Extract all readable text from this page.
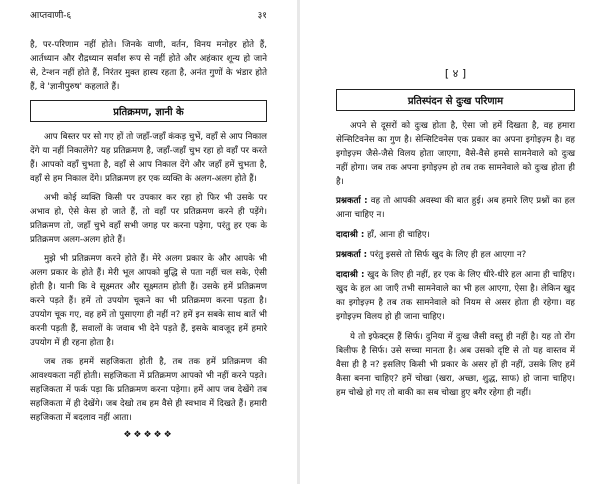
आप्तवाणी-६	३१

है, पर-परिणाम नहीं होते। जिनके वाणी, वर्तन, विनय मनोहर होते हैं, आर्तध्यान और रौद्रध्यान सर्वांश रूप से नहीं होते और अहंकार शून्य हो जाने से, टेन्शन नहीं होते हैं, निरंतर मुक्त हास्य रहता है, अनंत गुणों के भंडार होते हैं, वे 'ज्ञानीपुरुष' कहलाते हैं।

प्रतिक्रमण, ज्ञानी के

आप बिस्तर पर सो गए हों तो जहाँ-जहाँ कंकड़ चुभें, वहाँ से आप निकाल देंगे या नहीं निकालेंगे? यह प्रतिक्रमण है, जहाँ-जहाँ चुभ रहा हो वहाँ पर करते हैं। आपको वहाँ चुभता है, वहाँ से आप निकाल देंगे और जहाँ हमें चुभता है, वहाँ से हम निकाल देंगे। प्रतिक्रमण हर एक व्यक्ति के अलग-अलग होते हैं।

अभी कोई व्यक्ति किसी पर उपकार कर रहा हो फिर भी उसके पर अभाव हो, ऐसे केस हो जाते हैं, तो वहाँ पर प्रतिक्रमण करने ही पड़ेंगे। प्रतिक्रमण तो, जहाँ चुभे वहाँ सभी जगह पर करना पड़ेगा, परंतु हर एक के प्रतिक्रमण अलग-अलग होते हैं।

मुझे भी प्रतिक्रमण करने होते हैं। मेरे अलग प्रकार के और आपके भी अलग प्रकार के होते हैं। मेरी भूल आपको बुद्धि से पता नहीं चल सके, ऐसी होती है। यानी कि वे सूक्ष्मतर और सूक्ष्मतम होती हैं। उसके हमें प्रतिक्रमण करने पड़ते हैं। हमें तो उपयोग चूकने का भी प्रतिक्रमण करना पड़ता है। उपयोग चूक गए, वह हमें तो पुसाएगा ही नहीं न? हमें इन सबके साथ बातें भी करनी पड़ती हैं, सवालों के जवाब भी देने पड़ते हैं, इसके बावजूद हमें हमारे उपयोग में ही रहना होता है।

जब तक हममें सहजिकता होती है, तब तक हमें प्रतिक्रमण की आवश्यकता नहीं होती। सहजिकता में प्रतिक्रमण आपको भी नहीं करने पड़ते। सहजिकता में फर्क पड़ा कि प्रतिक्रमण करना पड़ेगा। हमें आप जब देखेंगे तब सहजिकता में ही देखेंगे। जब देखो तब हम वैसे ही स्वभाव में दिखते हैं। हमारी सहजिकता में बदलाव नहीं आता।

❖❖❖❖❖
[ ४ ]
प्रतिस्पंदन से दुःख परिणाम

अपने से दूसरों को दुःख होता है, ऐसा जो हमें दिखता है, वह हमारा सेन्सिटिवनेस का गुण है। सेन्सिटिवनेस एक प्रकार का अपना इगोइज़्म है। वह इगोइज़्म जैसे-जैसे विलय होता जाएगा, वैसे-वैसे हमसे सामनेवाले को दुःख नहीं होगा। जब तक अपना इगोइज़्म हो तब तक सामनेवाले को दुःख होता ही है।

प्रश्नकर्ता : वह तो आपकी अवस्था की बात हुई। अब हमारे लिए प्रश्नों का हल आना चाहिए न।
दादाश्री : हाँ, आना ही चाहिए।
प्रश्नकर्ता : परंतु इससे तो सिर्फ खुद के लिए ही हल आएगा न?
दादाश्री : खुद के लिए ही नहीं, हर एक के लिए धीरे-धीरे हल आना ही चाहिए। खुद के हल आ जाएँ तभी सामनेवाले का भी हल आएगा, ऐसा है। लेकिन खुद का इगोइज़्म है तब तक सामनेवाले को नियम से असर होता ही रहेगा। वह इगोइज़्म विलय हो ही जाना चाहिए।

ये तो इफेक्ट्स हैं सिर्फ। दुनिया में दुःख जैसी वस्तु ही नहीं है। यह तो रोंग बिलीफ है सिर्फ। उसे सच्चा मानता है। अब उसको दृष्टि से तो यह वास्तव में वैसा ही है न? इसलिए किसी भी प्रकार के असर हों ही नहीं, उसके लिए हमें कैसा बनना चाहिए? हमें चोखा (खरा, अच्छा, शुद्ध, साफ) हो जाना चाहिए। हम चोखे हो गए तो बाकी का सब चोखा हुए बगैर रहेगा ही नहीं।
